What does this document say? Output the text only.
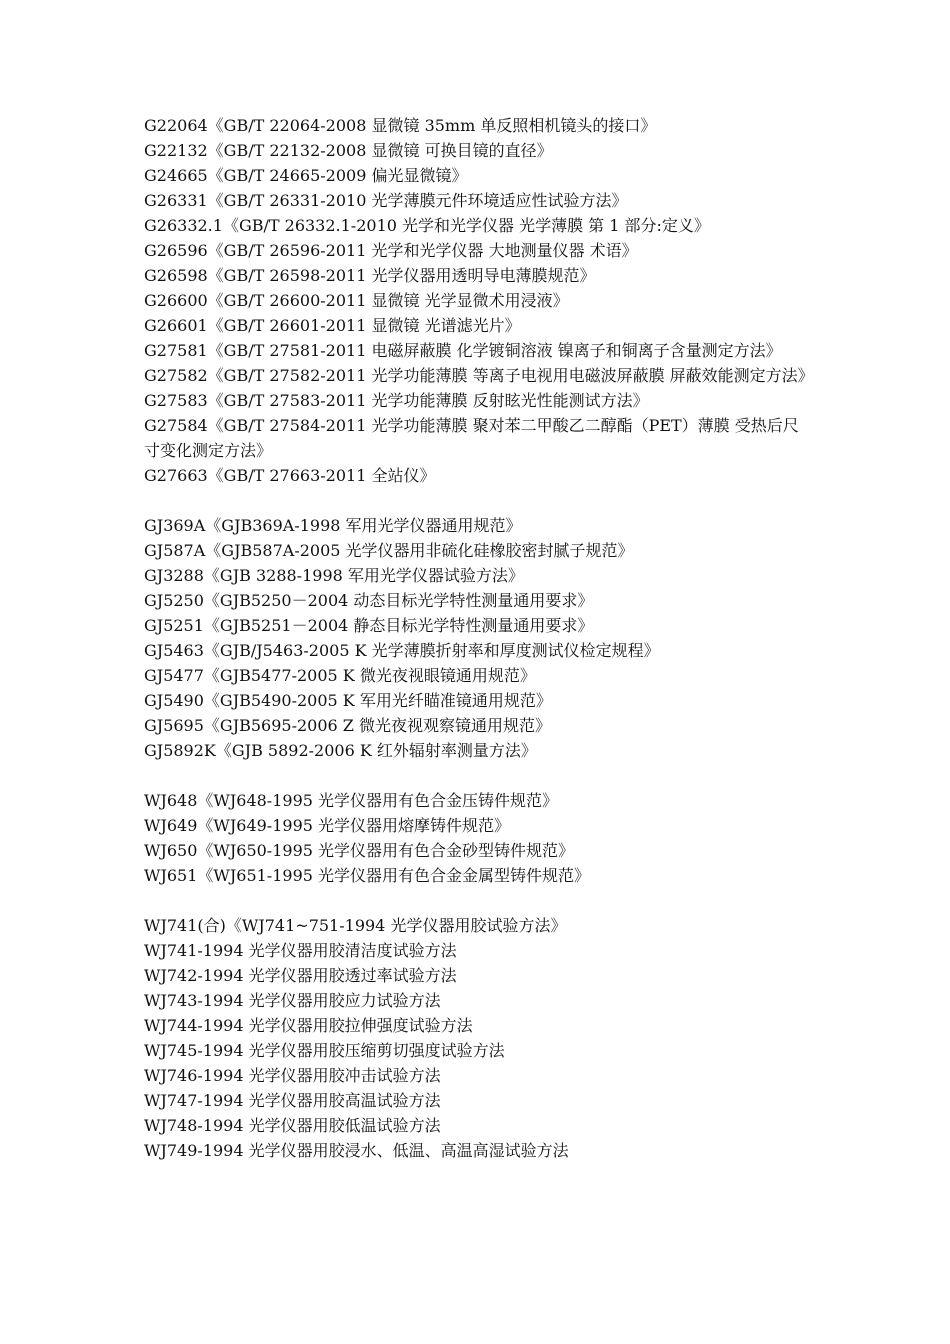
G22064《GB/T 22064-2008 显微镜 35mm 单反照相机镜头的接口》
G22132《GB/T 22132-2008 显微镜 可换目镜的直径》
G24665《GB/T 24665-2009 偏光显微镜》
G26331《GB/T 26331-2010 光学薄膜元件环境适应性试验方法》
G26332.1《GB/T 26332.1-2010 光学和光学仪器 光学薄膜 第 1 部分:定义》
G26596《GB/T 26596-2011 光学和光学仪器 大地测量仪器 术语》
G26598《GB/T 26598-2011 光学仪器用透明导电薄膜规范》
G26600《GB/T 26600-2011 显微镜 光学显微术用浸液》
G26601《GB/T 26601-2011 显微镜 光谱滤光片》
G27581《GB/T 27581-2011 电磁屏蔽膜 化学镀铜溶液 镍离子和铜离子含量测定方法》
G27582《GB/T 27582-2011 光学功能薄膜 等离子电视用电磁波屏蔽膜 屏蔽效能测定方法》
G27583《GB/T 27583-2011 光学功能薄膜 反射眩光性能测试方法》
G27584《GB/T 27584-2011 光学功能薄膜 聚对苯二甲酸乙二醇酯（PET）薄膜 受热后尺寸变化测定方法》
G27663《GB/T 27663-2011 全站仪》
GJ369A《GJB369A-1998 军用光学仪器通用规范》
GJ587A《GJB587A-2005 光学仪器用非硫化硅橡胶密封腻子规范》
GJ3288《GJB 3288-1998 军用光学仪器试验方法》
GJ5250《GJB5250－2004 动态目标光学特性测量通用要求》
GJ5251《GJB5251－2004 静态目标光学特性测量通用要求》
GJ5463《GJB/J5463-2005 K 光学薄膜折射率和厚度测试仪检定规程》
GJ5477《GJB5477-2005 K 微光夜视眼镜通用规范》
GJ5490《GJB5490-2005 K 军用光纤瞄准镜通用规范》
GJ5695《GJB5695-2006 Z 微光夜视观察镜通用规范》
GJ5892K《GJB 5892-2006 K 红外辐射率测量方法》
WJ648《WJ648-1995 光学仪器用有色合金压铸件规范》
WJ649《WJ649-1995 光学仪器用熔摩铸件规范》
WJ650《WJ650-1995 光学仪器用有色合金砂型铸件规范》
WJ651《WJ651-1995 光学仪器用有色合金金属型铸件规范》
WJ741(合)《WJ741~751-1994 光学仪器用胶试验方法》
WJ741-1994 光学仪器用胶清洁度试验方法
WJ742-1994 光学仪器用胶透过率试验方法
WJ743-1994 光学仪器用胶应力试验方法
WJ744-1994 光学仪器用胶拉伸强度试验方法
WJ745-1994 光学仪器用胶压缩剪切强度试验方法
WJ746-1994 光学仪器用胶冲击试验方法
WJ747-1994 光学仪器用胶高温试验方法
WJ748-1994 光学仪器用胶低温试验方法
WJ749-1994 光学仪器用胶浸水、低温、高温高湿试验方法
